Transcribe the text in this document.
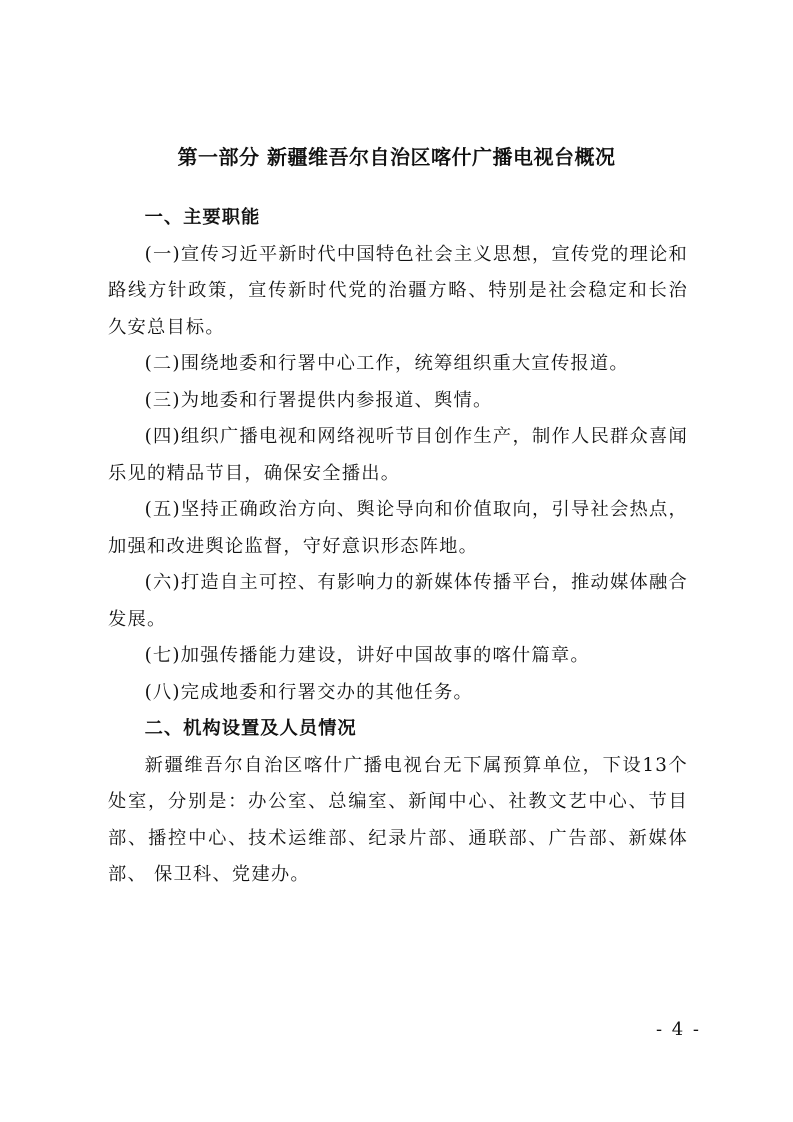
第一部分 新疆维吾尔自治区喀什广播电视台概况
一、主要职能

(一)宣传习近平新时代中国特色社会主义思想，宣传党的理论和路线方针政策，宣传新时代党的治疆方略、特别是社会稳定和长治久安总目标。

(二)围绕地委和行署中心工作，统筹组织重大宣传报道。

(三)为地委和行署提供内参报道、舆情。

(四)组织广播电视和网络视听节目创作生产，制作人民群众喜闻乐见的精品节目，确保安全播出。

(五)坚持正确政治方向、舆论导向和价值取向，引导社会热点，加强和改进舆论监督，守好意识形态阵地。

(六)打造自主可控、有影响力的新媒体传播平台，推动媒体融合发展。

(七)加强传播能力建设，讲好中国故事的喀什篇章。

(八)完成地委和行署交办的其他任务。

二、机构设置及人员情况

新疆维吾尔自治区喀什广播电视台无下属预算单位，下设13个处室，分别是：办公室、总编室、新闻中心、社教文艺中心、节目部、播控中心、技术运维部、纪录片部、通联部、广告部、新媒体部、 保卫科、党建办。

- 4 -
